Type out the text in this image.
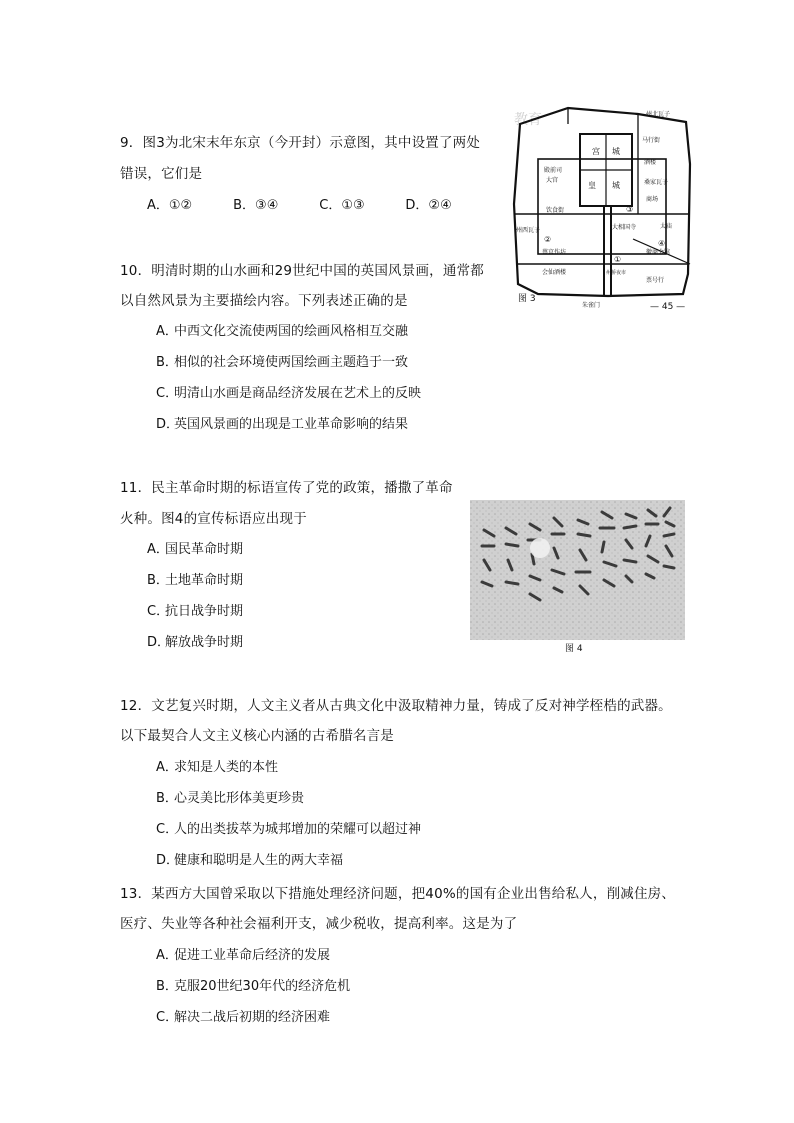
9．图3为北宋末年东京（今开封）示意图，其中设置了两处
错误，它们是
A．①②	B．③④	C．①③	D．②④
教育	州北瓦子
宫 城
皇 城
殿前司
大宫
马行街
酒楼
桑家瓦子
商场
饮食街
州西瓦子	大相国寺	太庙
朱雀门
会仙酒楼
徽商会馆
②
①
③
④
州桥夜市
票号行
蔡京作坊
图 3
— 45 —
10．明清时期的山水画和29世纪中国的英国风景画，通常都
以自然风景为主要描绘内容。下列表述正确的是
A．中西文化交流使两国的绘画风格相互交融
B．相似的社会环境使两国绘画主题趋于一致
C．明清山水画是商品经济发展在艺术上的反映
D．英国风景画的出现是工业革命影响的结果
11．民主革命时期的标语宣传了党的政策，播撒了革命
火种。图4的宣传标语应出现于
A．国民革命时期
B．土地革命时期
C．抗日战争时期
D．解放战争时期	图 4
12．文艺复兴时期，人文主义者从古典文化中汲取精神力量，铸成了反对神学桎梏的武器。
以下最契合人文主义核心内涵的古希腊名言是
A．求知是人类的本性
B．心灵美比形体美更珍贵
C．人的出类拔萃为城邦增加的荣耀可以超过神
D．健康和聪明是人生的两大幸福
13．某西方大国曾采取以下措施处理经济问题，把40%的国有企业出售给私人，削减住房、
医疗、失业等各种社会福利开支，减少税收，提高利率。这是为了
A．促进工业革命后经济的发展
B．克服20世纪30年代的经济危机
C．解决二战后初期的经济困难
